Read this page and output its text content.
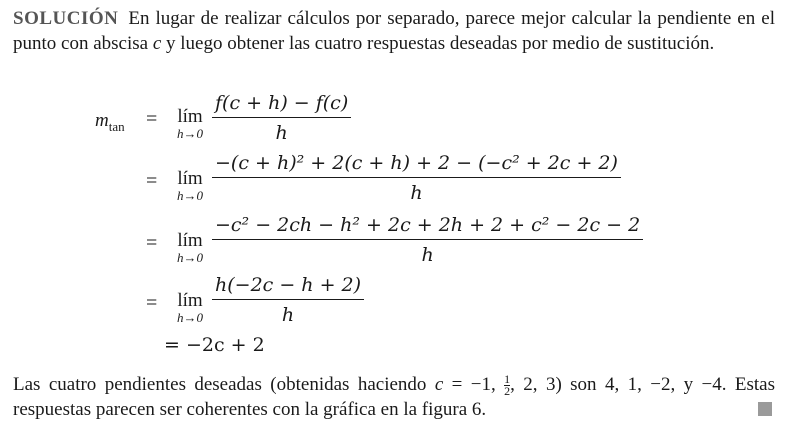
SOLUCIÓN En lugar de realizar cálculos por separado, parece mejor calcular la pendiente en el punto con abscisa c y luego obtener las cuatro respuestas deseadas por medio de sustitución.

$m_{tan}$ =	lím
h→0
f(c + h) − f(c)
h
=	lím
h→0
−(c + h)² + 2(c + h) + 2 − (−c² + 2c + 2)
h
=	lím
h→0
−c² − 2ch − h² + 2c + 2h + 2 + c² − 2c − 2
h
=	lím
h→0
h(−2c − h + 2)
h
= −2c + 2

Las cuatro pendientes deseadas (obtenidas haciendo c = −1, $\frac{1}{2}$ , 2, 3) son 4, 1, −2, y −4. Estas respuestas parecen ser coherentes con la gráfica en la figura 6.
